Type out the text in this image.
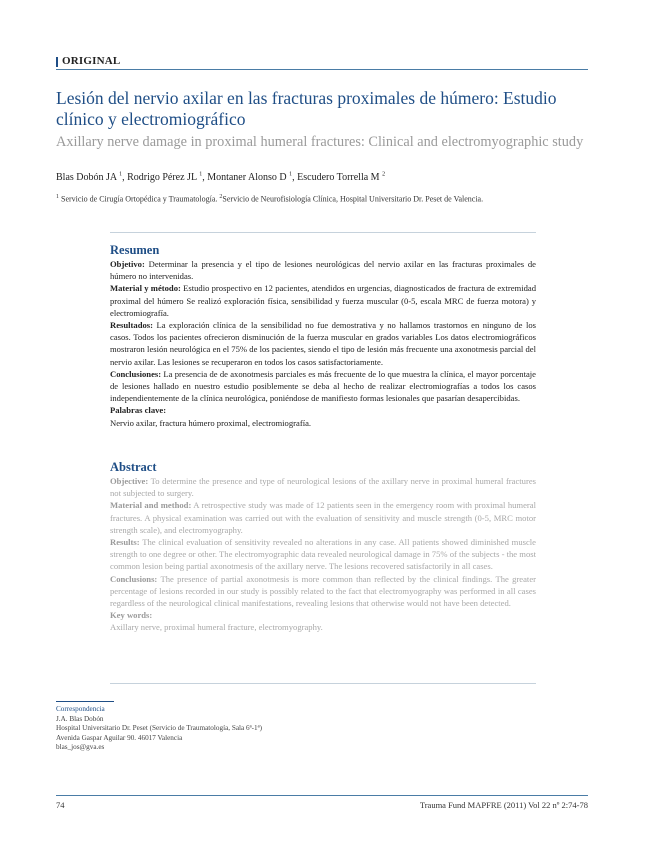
ORIGINAL
Lesión del nervio axilar en las fracturas proximales de húmero: Estudio clínico y electromiográfico
Axillary nerve damage in proximal humeral fractures: Clinical and electromyographic study
Blas Dobón JA $^1$, Rodrigo Pérez JL $^1$, Montaner Alonso D $^1$, Escudero Torrella M $^2$
$^1$ Servicio de Cirugía Ortopédica y Traumatología. $^2$Servicio de Neurofisiología Clínica, Hospital Universitario Dr. Peset de Valencia.
Resumen

Objetivo: Determinar la presencia y el tipo de lesiones neurológicas del nervio axilar en las fracturas proximales de húmero no intervenidas.

Material y método: Estudio prospectivo en 12 pacientes, atendidos en urgencias, diagnosticados de fractura de extremidad proximal del húmero Se realizó exploración física, sensibilidad y fuerza muscular (0-5, escala MRC de fuerza motora) y electromiografía.

Resultados: La exploración clínica de la sensibilidad no fue demostrativa y no hallamos trastornos en ninguno de los casos. Todos los pacientes ofrecieron disminución de la fuerza muscular en grados variables Los datos electromiográficos mostraron lesión neurológica en el 75% de los pacientes, siendo el tipo de lesión más frecuente una axonotmesis parcial del nervio axilar. Las lesiones se recuperaron en todos los casos satisfactoriamente.

Conclusiones: La presencia de de axonotmesis parciales es más frecuente de lo que muestra la clínica, el mayor porcentaje de lesiones hallado en nuestro estudio posiblemente se deba al hecho de realizar electromiografías a todos los casos independientemente de la clínica neurológica, poniéndose de manifiesto formas lesionales que pasarían desapercibidas.

Palabras clave:

Nervio axilar, fractura húmero proximal, electromiografía.

Abstract

Objective: To determine the presence and type of neurological lesions of the axillary nerve in proximal humeral fractures not subjected to surgery.

Material and method: A retrospective study was made of 12 patients seen in the emergency room with proximal humeral fractures. A physical examination was carried out with the evaluation of sensitivity and muscle strength (0-5, MRC motor strength scale), and electromyography.

Results: The clinical evaluation of sensitivity revealed no alterations in any case. All patients showed diminished muscle strength to one degree or other. The electromyographic data revealed neurological damage in 75% of the subjects - the most common lesion being partial axonotmesis of the axillary nerve. The lesions recovered satisfactorily in all cases.

Conclusions: The presence of partial axonotmesis is more common than reflected by the clinical findings. The greater percentage of lesions recorded in our study is possibly related to the fact that electromyography was performed in all cases regardless of the neurological clinical manifestations, revealing lesions that otherwise would not have been detected.

Key words:

Axillary nerve, proximal humeral fracture, electromyography.

Correspondencia
J.A. Blas Dobón
Hospital Universitario Dr. Peset (Servicio de Traumatología, Sala 6ª-1ª)
Avenida Gaspar Aguilar 90. 46017 Valencia
blas_jos@gva.es
74	Trauma Fund MAPFRE (2011) Vol 22 nº 2:74-78
